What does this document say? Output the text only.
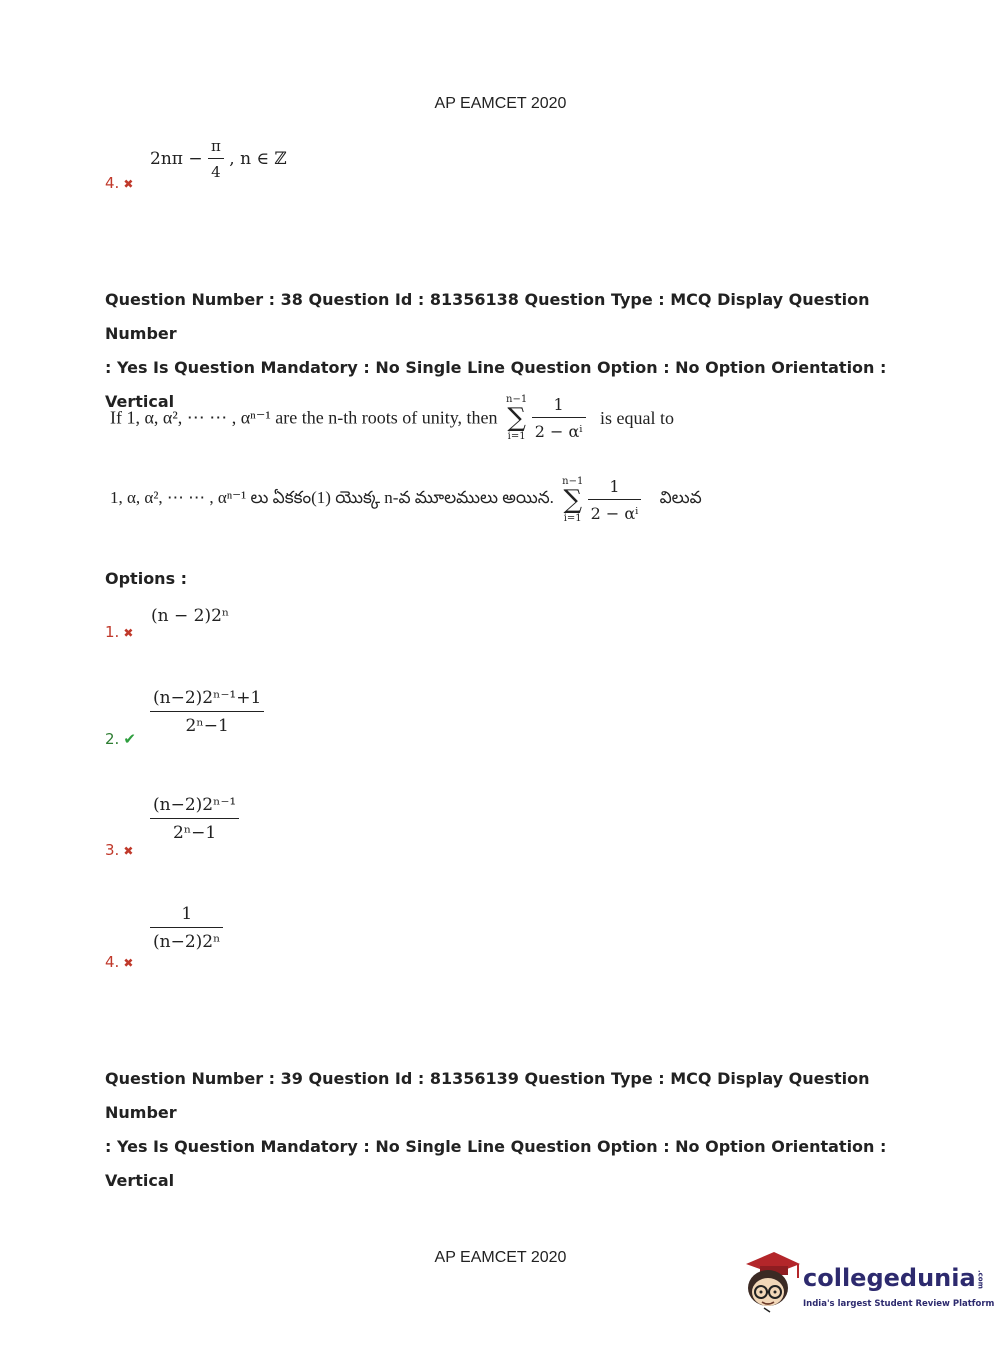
AP EAMCET 2020
4. ✖
$2n\pi - \frac{\pi}{4}$ , n ∈ ℤ
Question Number : 38 Question Id : 81356138 Question Type : MCQ Display Question Number
: Yes Is Question Mandatory : No Single Line Question Option : No Option Orientation :
Vertical
If 1, α, α², ⋯ ⋯ , αⁿ⁻¹ are the n-th roots of unity, then
n−1
∑
i=1
$\frac{1}{\text{2 − αⁱ}}$ is equal to
1, α, α², ⋯ ⋯ , αⁿ⁻¹ లు ఏకకం(1) యొక్క n-వ మూలములు అయిన.
n−1
∑
i=1
$\frac{1}{\text{2 − αⁱ}}$ విలువ
Options :
1. ✖
(n − 2)2ⁿ
2. ✔
$\frac{\text{(n−2)2ⁿ⁻¹+1}}{\text{2ⁿ−1}}$
3. ✖
$\frac{\text{(n−2)2ⁿ⁻¹}}{\text{2ⁿ−1}}$
4. ✖
$\frac{1}{\text{(n−2)2ⁿ}}$
Question Number : 39 Question Id : 81356139 Question Type : MCQ Display Question Number
: Yes Is Question Mandatory : No Single Line Question Option : No Option Orientation :
Vertical
AP EAMCET 2020
collegedunia.com
India's largest Student Review Platform
